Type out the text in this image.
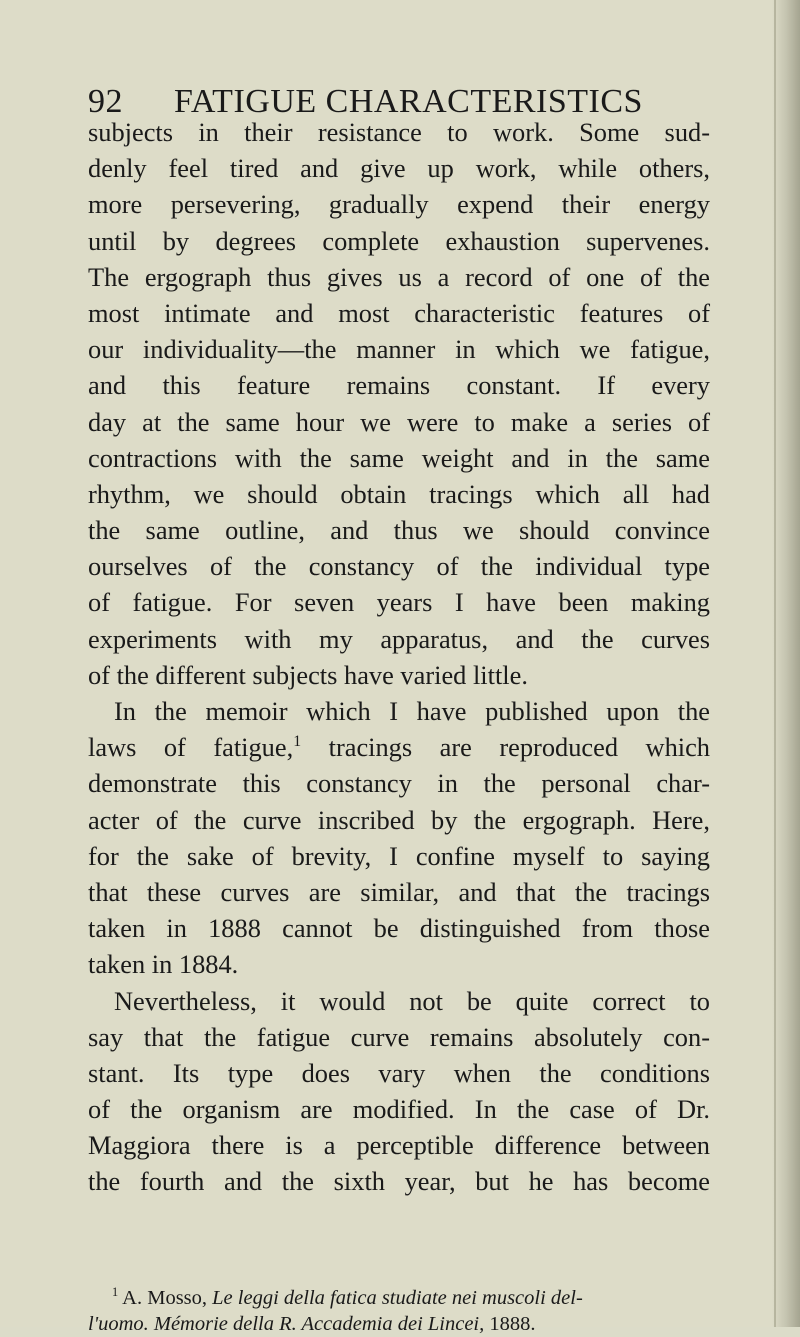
92 FATIGUE CHARACTERISTICS
subjects in their resistance to work. Some sud-
denly feel tired and give up work, while others,
more persevering, gradually expend their energy
until by degrees complete exhaustion supervenes.
The ergograph thus gives us a record of one of the
most intimate and most characteristic features of
our individuality—the manner in which we fatigue,
and this feature remains constant. If every
day at the same hour we were to make a series of
contractions with the same weight and in the same
rhythm, we should obtain tracings which all had
the same outline, and thus we should convince
ourselves of the constancy of the individual type
of fatigue. For seven years I have been making
experiments with my apparatus, and the curves
of the different subjects have varied little.
In the memoir which I have published upon the
laws of fatigue,$^1$ tracings are reproduced which
demonstrate this constancy in the personal char-
acter of the curve inscribed by the ergograph. Here,
for the sake of brevity, I confine myself to saying
that these curves are similar, and that the tracings
taken in 1888 cannot be distinguished from those
taken in 1884.
Nevertheless, it would not be quite correct to
say that the fatigue curve remains absolutely con-
stant. Its type does vary when the conditions
of the organism are modified. In the case of Dr.
Maggiora there is a perceptible difference between
the fourth and the sixth year, but he has become
$^1$ A. Mosso, Le leggi della fatica studiate nei muscoli del-
l'uomo. Mémorie della R. Accademia dei Lincei, 1888.
